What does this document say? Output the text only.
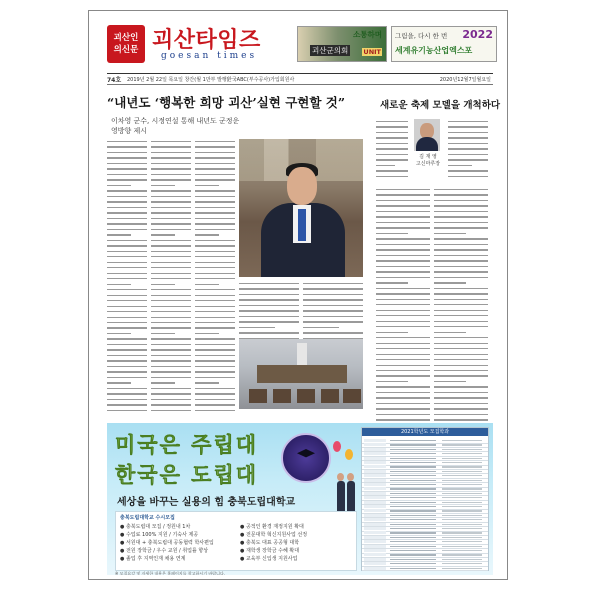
괴산인
의신문 괴산타임즈
goesan times
소통하며
괴산군의회	UNIT
그림을, 다시 한 번 2022
세계유기농산업엑스포
74호 2019년 2월 22일 목요일 창간(월 1만부 발행)
한국ABC(부수공사)가입회원사	2020년12월7일월요일
“내년도 ‘행복한 희망 괴산’실현 구현할 것”
이차영 군수, 시정연설 통해 내년도 군정운
영방향 제시
새로운 축제 모델을 개척하다
김 재 영
고신마루장
미국은 주립대
한국은 도립대
세상을 바꾸는 실용의 힘 충북도립대학교
충북도립대학교 수시모집
● 충북도립대 모집 / 정원내 1차
● 수업료 100% 지원 / 기숙사 제공
● 서원대 + 충북도립대 공동협력 학사편입
● 전원 장학금 / 우수 교원 / 취업률 향상
● 졸업 후 지역인재 채용 연계
● 공적인 환경 재정지원 확대
● 전문대학 혁신지원사업 선정
● 충북도 대표 공공형 대학
● 재학생 장학금 수혜 확대
● 교육부 신입생 지원사업
2021학년도 모집학과
※ 모집요강 및 자세한 내용은 홈페이지를 참고하시기 바랍니다.
